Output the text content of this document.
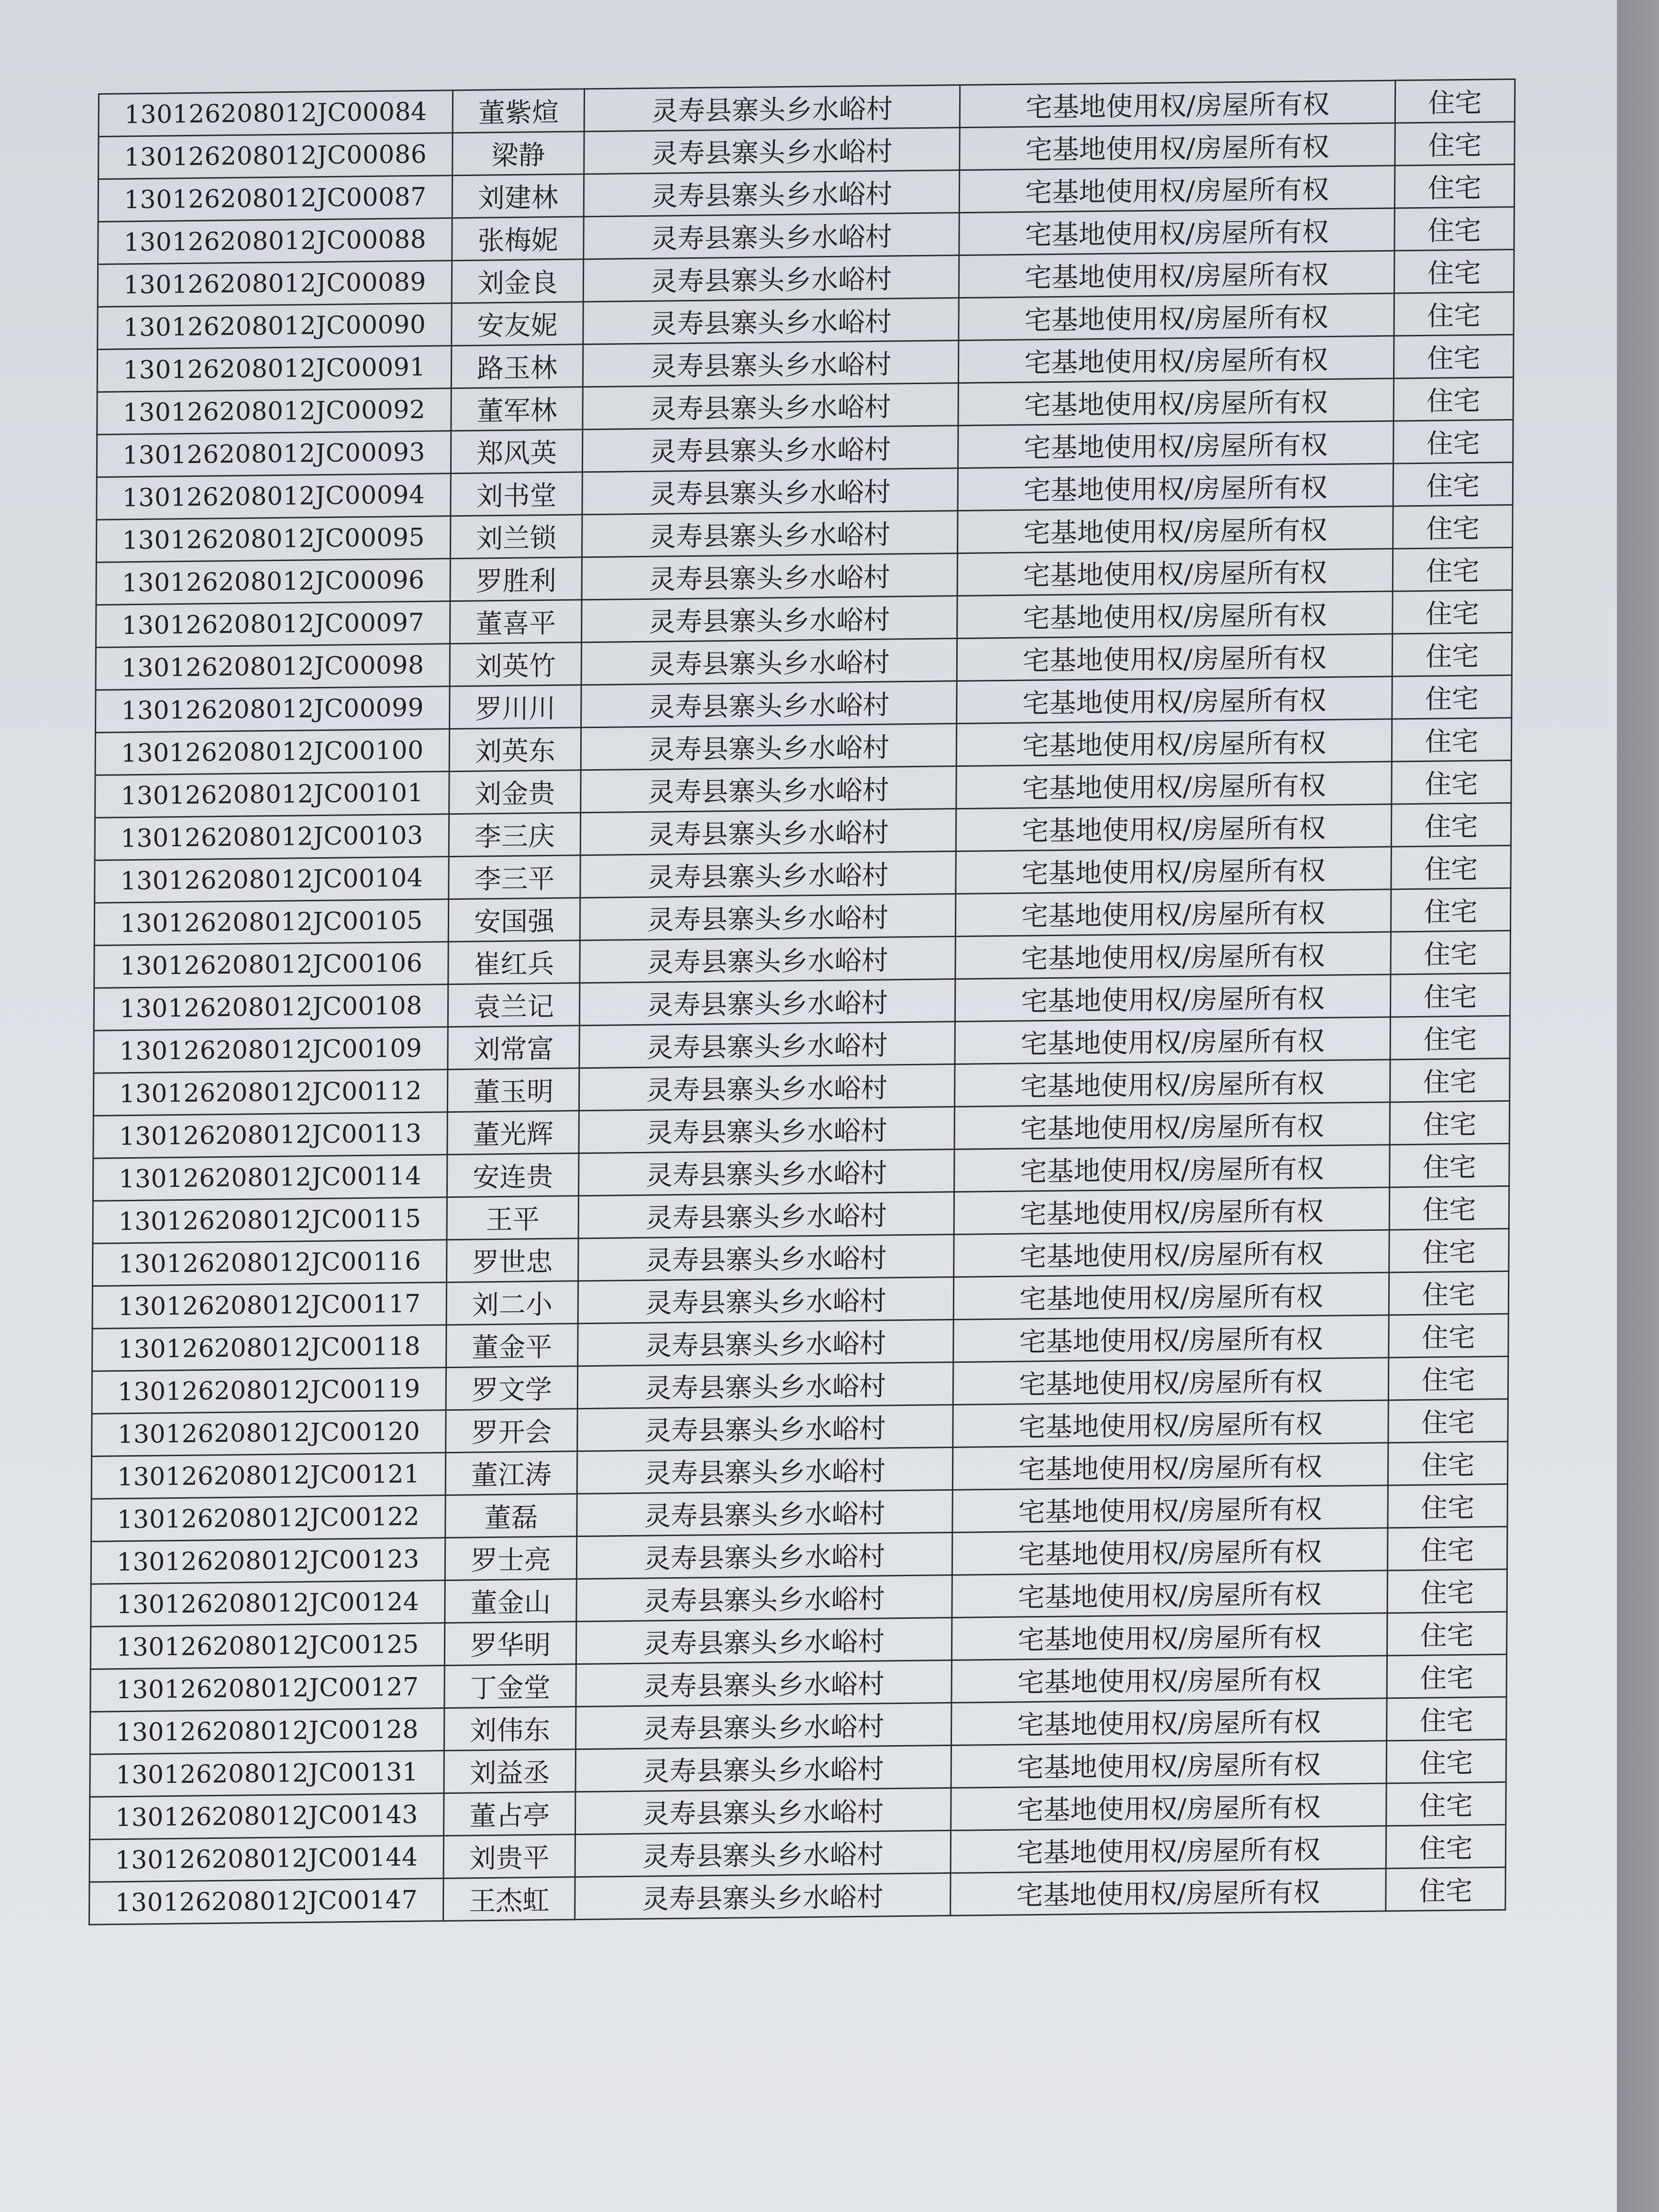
130126208012JC00084	董紫煊	灵寿县寨头乡水峪村	宅基地使用权/房屋所有权	住宅
130126208012JC00086	梁静	灵寿县寨头乡水峪村	宅基地使用权/房屋所有权	住宅
130126208012JC00087	刘建林	灵寿县寨头乡水峪村	宅基地使用权/房屋所有权	住宅
130126208012JC00088	张梅妮	灵寿县寨头乡水峪村	宅基地使用权/房屋所有权	住宅
130126208012JC00089	刘金良	灵寿县寨头乡水峪村	宅基地使用权/房屋所有权	住宅
130126208012JC00090	安友妮	灵寿县寨头乡水峪村	宅基地使用权/房屋所有权	住宅
130126208012JC00091	路玉林	灵寿县寨头乡水峪村	宅基地使用权/房屋所有权	住宅
130126208012JC00092	董军林	灵寿县寨头乡水峪村	宅基地使用权/房屋所有权	住宅
130126208012JC00093	郑风英	灵寿县寨头乡水峪村	宅基地使用权/房屋所有权	住宅
130126208012JC00094	刘书堂	灵寿县寨头乡水峪村	宅基地使用权/房屋所有权	住宅
130126208012JC00095	刘兰锁	灵寿县寨头乡水峪村	宅基地使用权/房屋所有权	住宅
130126208012JC00096	罗胜利	灵寿县寨头乡水峪村	宅基地使用权/房屋所有权	住宅
130126208012JC00097	董喜平	灵寿县寨头乡水峪村	宅基地使用权/房屋所有权	住宅
130126208012JC00098	刘英竹	灵寿县寨头乡水峪村	宅基地使用权/房屋所有权	住宅
130126208012JC00099	罗川川	灵寿县寨头乡水峪村	宅基地使用权/房屋所有权	住宅
130126208012JC00100	刘英东	灵寿县寨头乡水峪村	宅基地使用权/房屋所有权	住宅
130126208012JC00101	刘金贵	灵寿县寨头乡水峪村	宅基地使用权/房屋所有权	住宅
130126208012JC00103	李三庆	灵寿县寨头乡水峪村	宅基地使用权/房屋所有权	住宅
130126208012JC00104	李三平	灵寿县寨头乡水峪村	宅基地使用权/房屋所有权	住宅
130126208012JC00105	安国强	灵寿县寨头乡水峪村	宅基地使用权/房屋所有权	住宅
130126208012JC00106	崔红兵	灵寿县寨头乡水峪村	宅基地使用权/房屋所有权	住宅
130126208012JC00108	袁兰记	灵寿县寨头乡水峪村	宅基地使用权/房屋所有权	住宅
130126208012JC00109	刘常富	灵寿县寨头乡水峪村	宅基地使用权/房屋所有权	住宅
130126208012JC00112	董玉明	灵寿县寨头乡水峪村	宅基地使用权/房屋所有权	住宅
130126208012JC00113	董光辉	灵寿县寨头乡水峪村	宅基地使用权/房屋所有权	住宅
130126208012JC00114	安连贵	灵寿县寨头乡水峪村	宅基地使用权/房屋所有权	住宅
130126208012JC00115	王平	灵寿县寨头乡水峪村	宅基地使用权/房屋所有权	住宅
130126208012JC00116	罗世忠	灵寿县寨头乡水峪村	宅基地使用权/房屋所有权	住宅
130126208012JC00117	刘二小	灵寿县寨头乡水峪村	宅基地使用权/房屋所有权	住宅
130126208012JC00118	董金平	灵寿县寨头乡水峪村	宅基地使用权/房屋所有权	住宅
130126208012JC00119	罗文学	灵寿县寨头乡水峪村	宅基地使用权/房屋所有权	住宅
130126208012JC00120	罗开会	灵寿县寨头乡水峪村	宅基地使用权/房屋所有权	住宅
130126208012JC00121	董江涛	灵寿县寨头乡水峪村	宅基地使用权/房屋所有权	住宅
130126208012JC00122	董磊	灵寿县寨头乡水峪村	宅基地使用权/房屋所有权	住宅
130126208012JC00123	罗士亮	灵寿县寨头乡水峪村	宅基地使用权/房屋所有权	住宅
130126208012JC00124	董金山	灵寿县寨头乡水峪村	宅基地使用权/房屋所有权	住宅
130126208012JC00125	罗华明	灵寿县寨头乡水峪村	宅基地使用权/房屋所有权	住宅
130126208012JC00127	丁金堂	灵寿县寨头乡水峪村	宅基地使用权/房屋所有权	住宅
130126208012JC00128	刘伟东	灵寿县寨头乡水峪村	宅基地使用权/房屋所有权	住宅
130126208012JC00131	刘益丞	灵寿县寨头乡水峪村	宅基地使用权/房屋所有权	住宅
130126208012JC00143	董占亭	灵寿县寨头乡水峪村	宅基地使用权/房屋所有权	住宅
130126208012JC00144	刘贵平	灵寿县寨头乡水峪村	宅基地使用权/房屋所有权	住宅
130126208012JC00147	王杰虹	灵寿县寨头乡水峪村	宅基地使用权/房屋所有权	住宅
